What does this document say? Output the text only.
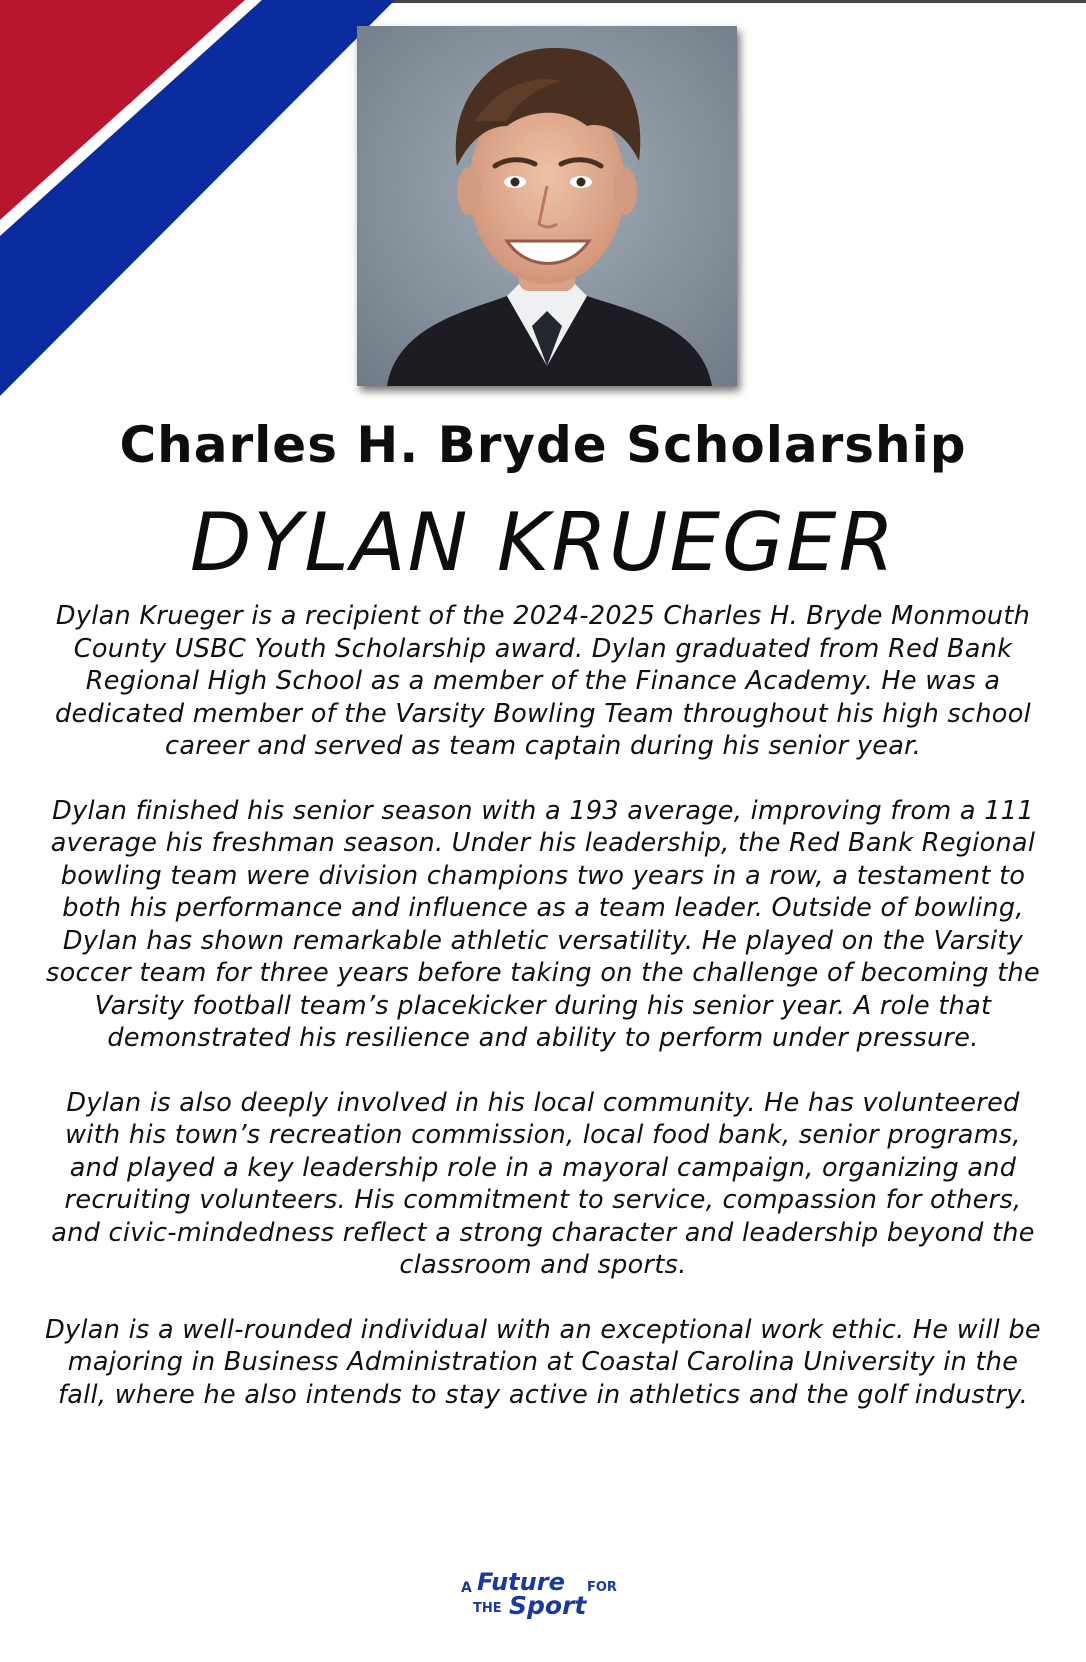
Charles H. Bryde Scholarship
DYLAN KRUEGER

Dylan Krueger is a recipient of the 2024-2025 Charles H. Bryde Monmouth County USBC Youth Scholarship award. Dylan graduated from Red Bank Regional High School as a member of the Finance Academy. He was a dedicated member of the Varsity Bowling Team throughout his high school career and served as team captain during his senior year.

Dylan finished his senior season with a 193 average, improving from a 111 average his freshman season. Under his leadership, the Red Bank Regional bowling team were division champions two years in a row, a testament to both his performance and influence as a team leader. Outside of bowling, Dylan has shown remarkable athletic versatility. He played on the Varsity soccer team for three years before taking on the challenge of becoming the Varsity football team’s placekicker during his senior year. A role that demonstrated his resilience and ability to perform under pressure.

Dylan is also deeply involved in his local community. He has volunteered with his town’s recreation commission, local food bank, senior programs, and played a key leadership role in a mayoral campaign, organizing and recruiting volunteers. His commitment to service, compassion for others, and civic-mindedness reflect a strong character and leadership beyond the classroom and sports.

Dylan is a well-rounded individual with an exceptional work ethic. He will be majoring in Business Administration at Coastal Carolina University in the fall, where he also intends to stay active in athletics and the golf industry.

A Future FOR
THE Sport
